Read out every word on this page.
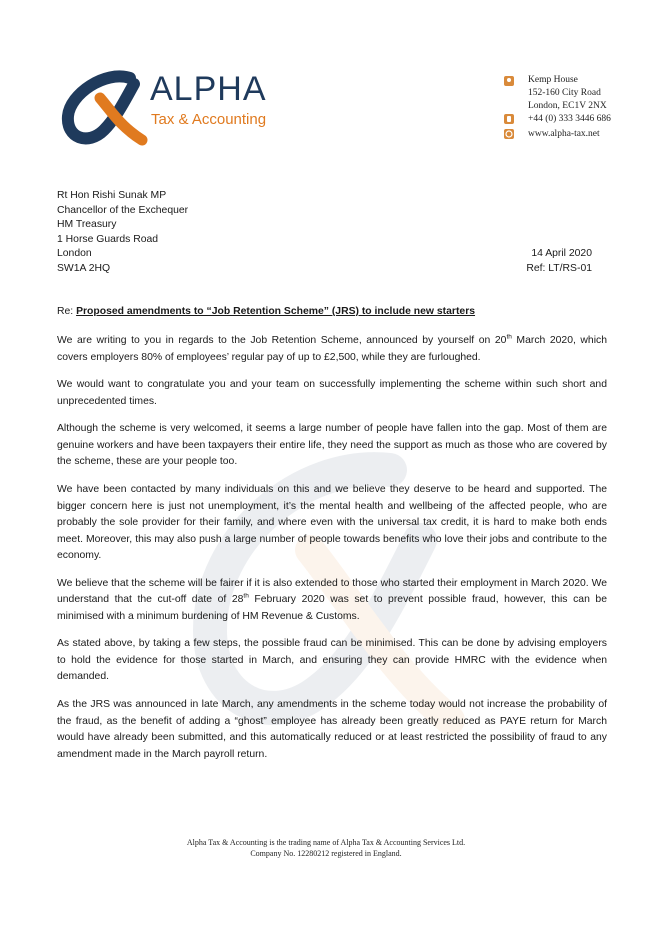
ALPHA
Tax & Accounting
Kemp House
152-160 City Road
London, EC1V 2NX
+44 (0) 333 3446 686
www.alpha-tax.net
Rt Hon Rishi Sunak MP
Chancellor of the Exchequer
HM Treasury
1 Horse Guards Road
London
SW1A 2HQ
14 April 2020
Ref: LT/RS-01
Re: Proposed amendments to “Job Retention Scheme” (JRS) to include new starters

We are writing to you in regards to the Job Retention Scheme, announced by yourself on 20th March 2020, which covers employers 80% of employees’ regular pay of up to £2,500, while they are furloughed.

We would want to congratulate you and your team on successfully implementing the scheme within such short and unprecedented times.

Although the scheme is very welcomed, it seems a large number of people have fallen into the gap. Most of them are genuine workers and have been taxpayers their entire life, they need the support as much as those who are covered by the scheme, these are your people too.

We have been contacted by many individuals on this and we believe they deserve to be heard and supported. The bigger concern here is just not unemployment, it’s the mental health and wellbeing of the affected people, who are probably the sole provider for their family, and where even with the universal tax credit, it is hard to make both ends meet. Moreover, this may also push a large number of people towards benefits who love their jobs and contribute to the economy.

We believe that the scheme will be fairer if it is also extended to those who started their employment in March 2020. We understand that the cut-off date of 28th February 2020 was set to prevent possible fraud, however, this can be minimised with a minimum burdening of HM Revenue & Customs.

As stated above, by taking a few steps, the possible fraud can be minimised. This can be done by advising employers to hold the evidence for those started in March, and ensuring they can provide HMRC with the evidence when demanded.

As the JRS was announced in late March, any amendments in the scheme today would not increase the probability of the fraud, as the benefit of adding a “ghost” employee has already been greatly reduced as PAYE return for March would have already been submitted, and this automatically reduced or at least restricted the possibility of fraud to any amendment made in the March payroll return.

Alpha Tax & Accounting is the trading name of Alpha Tax & Accounting Services Ltd.
Company No. 12280212 registered in England.
